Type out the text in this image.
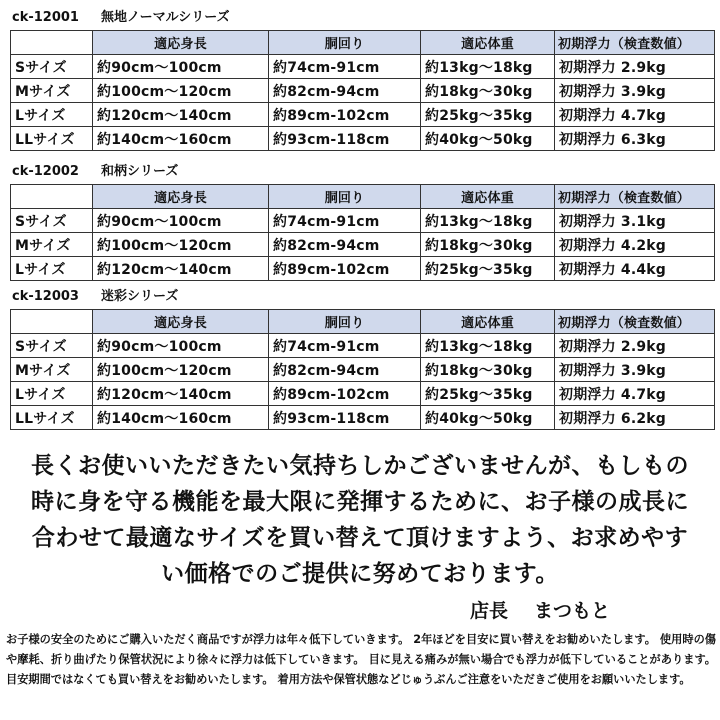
ck-12001 無地ノーマルシリーズ
	適応身長	胴回り	適応体重	初期浮力（検査数値）
Sサイズ	約90cm〜100cm	約74cm-91cm	約13kg〜18kg	初期浮力 2.9kg
Mサイズ	約100cm〜120cm	約82cm-94cm	約18kg〜30kg	初期浮力 3.9kg
Lサイズ	約120cm〜140cm	約89cm-102cm	約25kg〜35kg	初期浮力 4.7kg
LLサイズ	約140cm〜160cm	約93cm-118cm	約40kg〜50kg	初期浮力 6.3kg
ck-12002 和柄シリーズ
	適応身長	胴回り	適応体重	初期浮力（検査数値）
Sサイズ	約90cm〜100cm	約74cm-91cm	約13kg〜18kg	初期浮力 3.1kg
Mサイズ	約100cm〜120cm	約82cm-94cm	約18kg〜30kg	初期浮力 4.2kg
Lサイズ	約120cm〜140cm	約89cm-102cm	約25kg〜35kg	初期浮力 4.4kg
ck-12003 迷彩シリーズ
	適応身長	胴回り	適応体重	初期浮力（検査数値）
Sサイズ	約90cm〜100cm	約74cm-91cm	約13kg〜18kg	初期浮力 2.9kg
Mサイズ	約100cm〜120cm	約82cm-94cm	約18kg〜30kg	初期浮力 3.9kg
Lサイズ	約120cm〜140cm	約89cm-102cm	約25kg〜35kg	初期浮力 4.7kg
LLサイズ	約140cm〜160cm	約93cm-118cm	約40kg〜50kg	初期浮力 6.2kg
長くお使いいただきたい気持ちしかございませんが、もしもの
時に身を守る機能を最大限に発揮するために、お子様の成長に
合わせて最適なサイズを買い替えて頂けますよう、お求めやす
い価格でのご提供に努めております。
店長 まつもと
お子様の安全のためにご購入いただく商品ですが浮力は年々低下していきます。 2年ほどを目安に買い替えをお勧めいたします。 使用時の傷や摩耗、折り曲げたり保管状況により徐々に浮力は低下していきます。 目に見える痛みが無い場合でも浮力が低下していることがあります。 目安期間ではなくても買い替えをお勧めいたします。 着用方法や保管状態などじゅうぶんご注意をいただきご使用をお願いいたします。
